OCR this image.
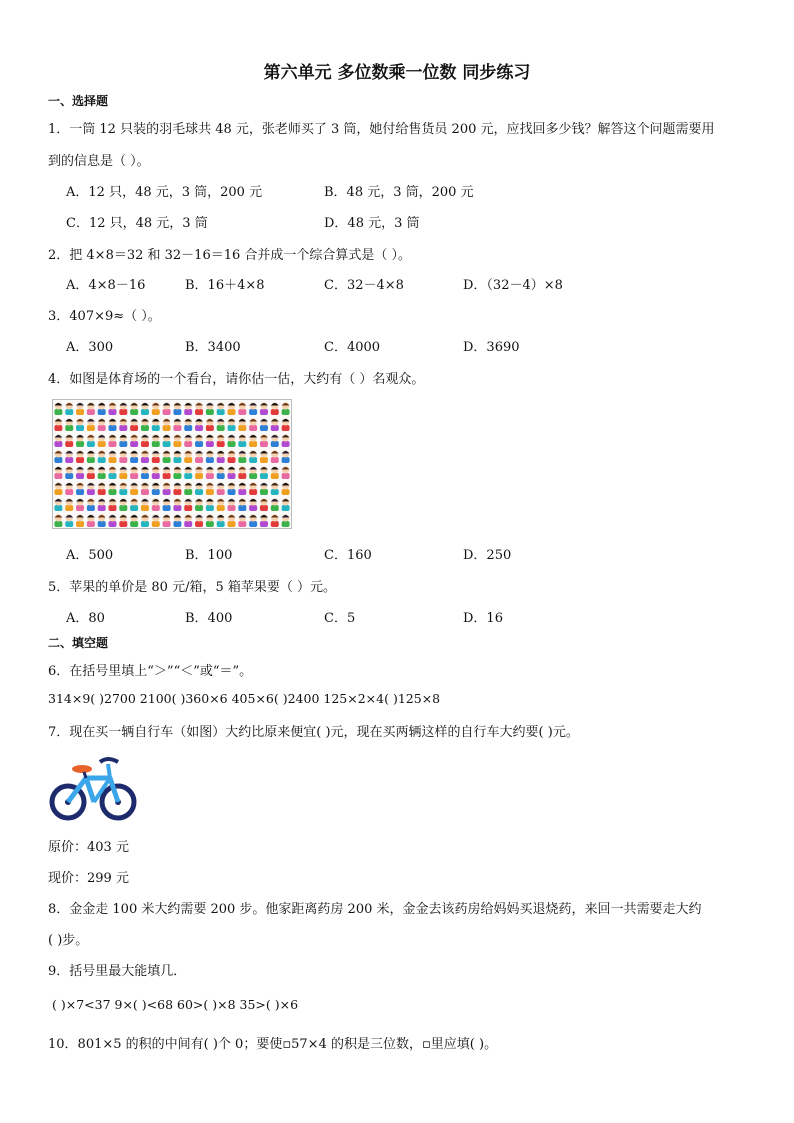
第六单元 多位数乘一位数 同步练习
一、选择题
1．一筒 12 只装的羽毛球共 48 元，张老师买了 3 筒，她付给售货员 200 元，应找回多少钱？解答这个问题需要用
到的信息是（ ）。
A．12 只，48 元，3 筒，200 元	B．48 元，3 筒，200 元
C．12 只，48 元，3 筒	D．48 元，3 筒
2．把 4×8＝32 和 32－16＝16 合并成一个综合算式是（ ）。
A．4×8－16	B．16＋4×8	C．32－4×8	D．（32－4）×8
3．407×9≈（ ）。
A．300	B．3400	C．4000	D．3690
4．如图是体育场的一个看台，请你估一估，大约有（ ）名观众。
A．500	B．100	C．160	D．250
5．苹果的单价是 80 元/箱，5 箱苹果要（ ）元。
A．80	B．400	C．5	D．16
二、填空题
6．在括号里填上“＞”“＜”或“＝”。
314×9( )2700 2100( )360×6 405×6( )2400 125×2×4( )125×8
7．现在买一辆自行车（如图）大约比原来便宜( )元，现在买两辆这样的自行车大约要( )元。
原价：403 元
现价：299 元
8．金金走 100 米大约需要 200 步。他家距离药房 200 米，金金去该药房给妈妈买退烧药，来回一共需要走大约
( )步。
9．括号里最大能填几．
( )×7<37 9×( )<68 60>( )×8 35>( )×6
10．801×5 的积的中间有( )个 0；要使▫57×4 的积是三位数，▫里应填( )。
